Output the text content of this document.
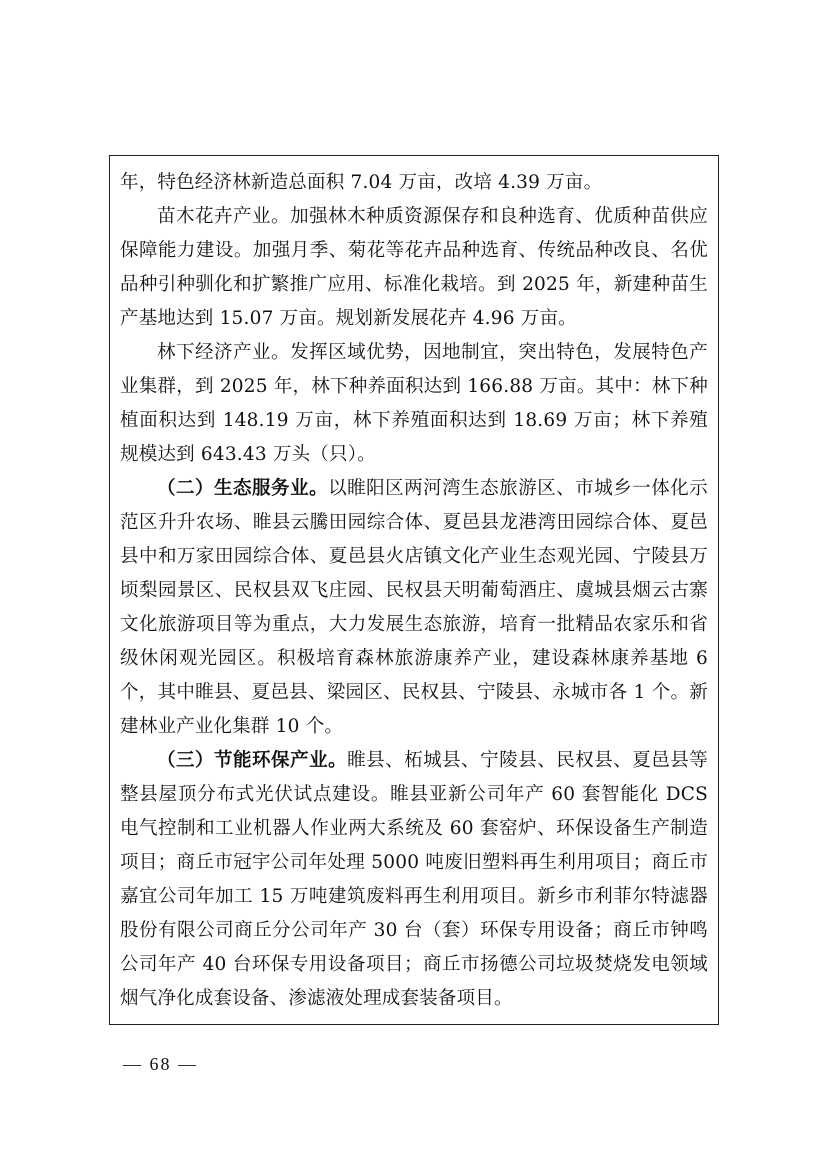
年，特色经济林新造总面积 7.04 万亩，改培 4.39 万亩。

苗木花卉产业。加强林木种质资源保存和良种选育、优质种苗供应保障能力建设。加强月季、菊花等花卉品种选育、传统品种改良、名优品种引种驯化和扩繁推广应用、标准化栽培。到 2025 年，新建种苗生产基地达到 15.07 万亩。规划新发展花卉 4.96 万亩。

林下经济产业。发挥区域优势，因地制宜，突出特色，发展特色产业集群，到 2025 年，林下种养面积达到 166.88 万亩。其中：林下种植面积达到 148.19 万亩，林下养殖面积达到 18.69 万亩；林下养殖规模达到 643.43 万头（只）。

（二）生态服务业。以睢阳区两河湾生态旅游区、市城乡一体化示范区升升农场、睢县云騰田园综合体、夏邑县龙港湾田园综合体、夏邑县中和万家田园综合体、夏邑县火店镇文化产业生态观光园、宁陵县万顷梨园景区、民权县双飞庄园、民权县天明葡萄酒庄、虞城县烟云古寨文化旅游项目等为重点，大力发展生态旅游，培育一批精品农家乐和省级休闲观光园区。积极培育森林旅游康养产业，建设森林康养基地 6 个，其中睢县、夏邑县、梁园区、民权县、宁陵县、永城市各 1 个。新建林业产业化集群 10 个。

（三）节能环保产业。睢县、柘城县、宁陵县、民权县、夏邑县等整县屋顶分布式光伏试点建设。睢县亚新公司年产 60 套智能化 DCS 电气控制和工业机器人作业两大系统及 60 套窑炉、环保设备生产制造项目；商丘市冠宇公司年处理 5000 吨废旧塑料再生利用项目；商丘市嘉宜公司年加工 15 万吨建筑废料再生利用项目。新乡市利菲尔特滤器股份有限公司商丘分公司年产 30 台（套）环保专用设备；商丘市钟鸣公司年产 40 台环保专用设备项目；商丘市扬德公司垃圾焚烧发电领域烟气净化成套设备、渗滤液处理成套装备项目。

— 68 —
